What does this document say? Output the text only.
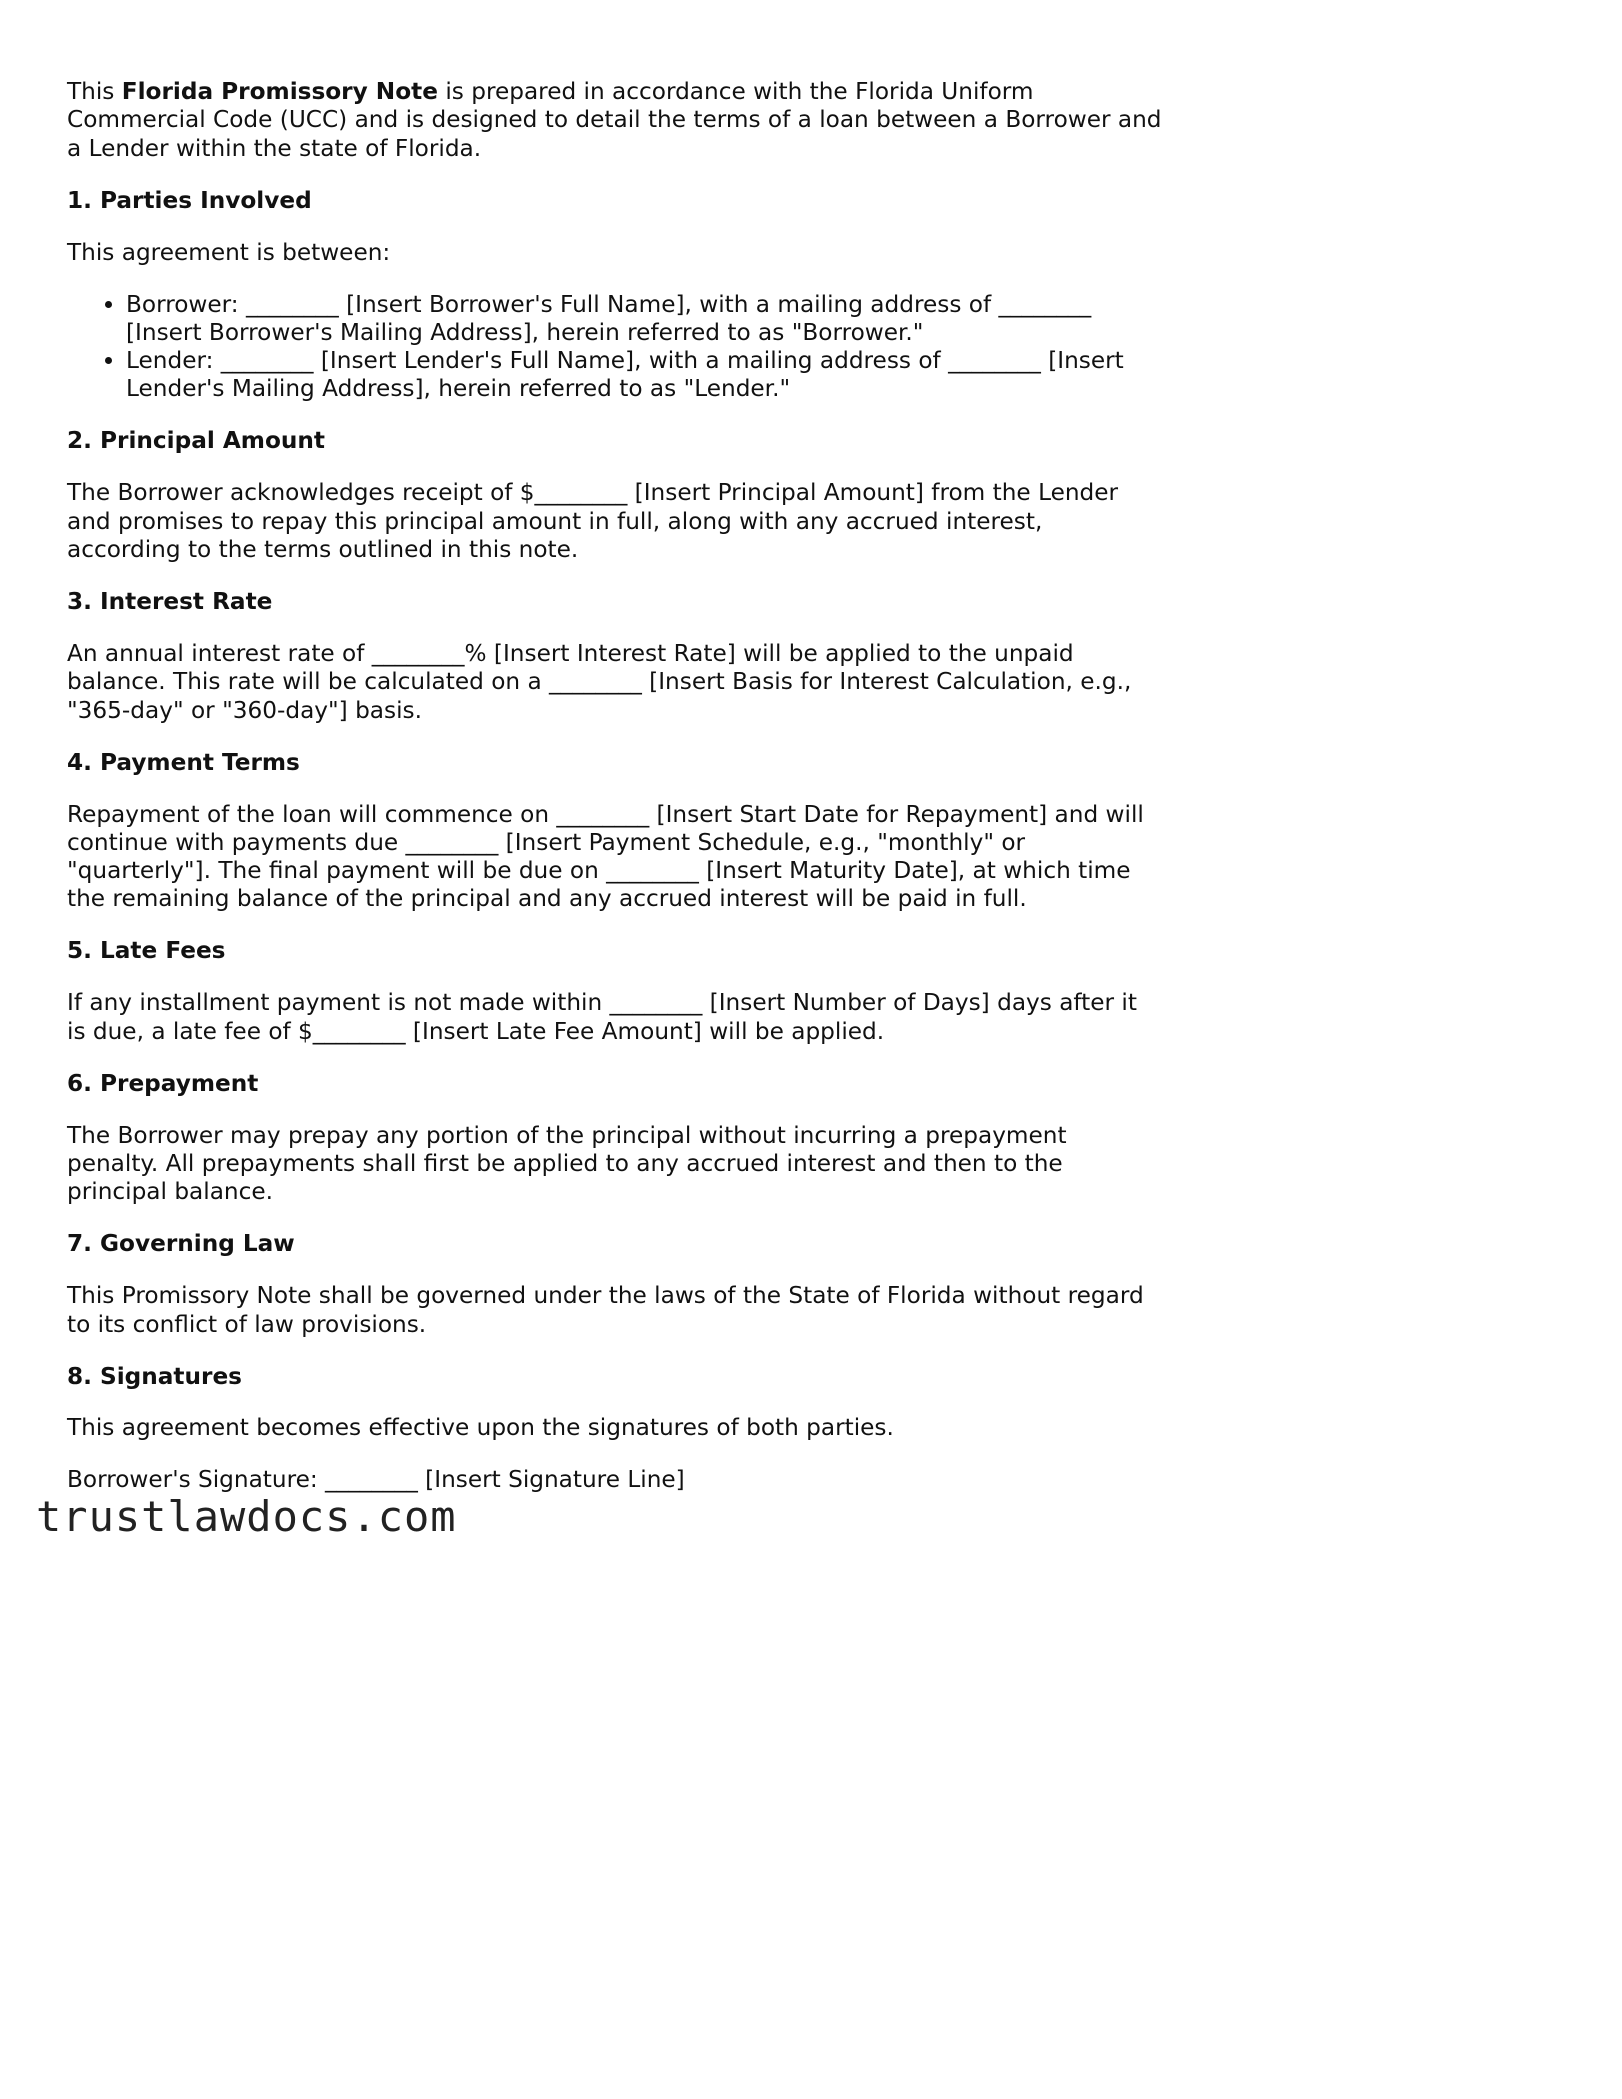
This Florida Promissory Note is prepared in accordance with the Florida Uniform Commercial Code (UCC) and is designed to detail the terms of a loan between a Borrower and a Lender within the state of Florida.

1. Parties Involved

This agreement is between:

• Borrower: ________ [Insert Borrower's Full Name], with a mailing address of ________ [Insert Borrower's Mailing Address], herein referred to as "Borrower."
• Lender: ________ [Insert Lender's Full Name], with a mailing address of ________ [Insert Lender's Mailing Address], herein referred to as "Lender."
2. Principal Amount

The Borrower acknowledges receipt of $________ [Insert Principal Amount] from the Lender and promises to repay this principal amount in full, along with any accrued interest, according to the terms outlined in this note.

3. Interest Rate

An annual interest rate of ________% [Insert Interest Rate] will be applied to the unpaid balance. This rate will be calculated on a ________ [Insert Basis for Interest Calculation, e.g., "365-day" or "360-day"] basis.

4. Payment Terms

Repayment of the loan will commence on ________ [Insert Start Date for Repayment] and will continue with payments due ________ [Insert Payment Schedule, e.g., "monthly" or "quarterly"]. The final payment will be due on ________ [Insert Maturity Date], at which time the remaining balance of the principal and any accrued interest will be paid in full.

5. Late Fees

If any installment payment is not made within ________ [Insert Number of Days] days after it is due, a late fee of $________ [Insert Late Fee Amount] will be applied.

6. Prepayment

The Borrower may prepay any portion of the principal without incurring a prepayment penalty. All prepayments shall first be applied to any accrued interest and then to the principal balance.

7. Governing Law

This Promissory Note shall be governed under the laws of the State of Florida without regard to its conflict of law provisions.

8. Signatures

This agreement becomes effective upon the signatures of both parties.

Borrower's Signature: ________ [Insert Signature Line]

trustlawdocs.com
